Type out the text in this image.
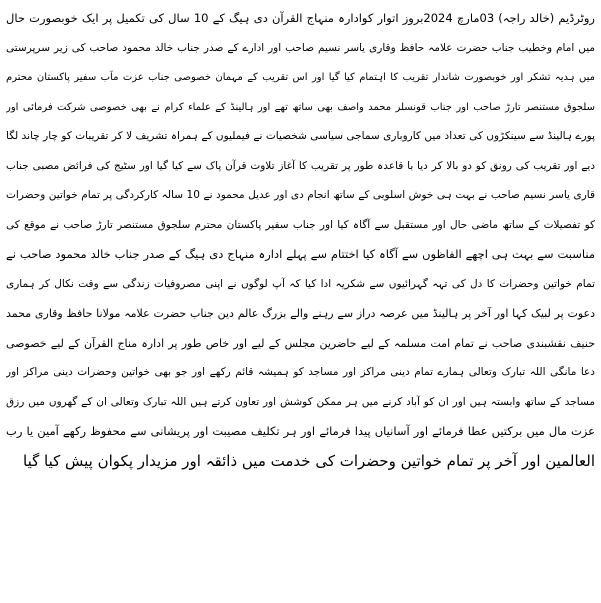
روٹرڈیم (خالد راجہ) 03مارچ 2024بروز اتوار کوادارہ منہاج القرآن دی ہیگ کے 10 سال کی تکمیل پر ایک خوبصورت حال

میں امام وخطیب جناب حضرت علامہ حافظ وقاری یاسر نسیم صاحب اور ادارے کے صدر جناب خالد محمود صاحب کی زیر سرپرستی

میں ہدیہ تشکر اور خوبصورت شاندار تقریب کا اہتمام کیا گیا اور اس تقریب کے مہمان خصوصی جناب عزت مآب سفیر پاکستان محترم

سلجوق مستنصر تارڑ صاحب اور جناب قونسلر محمد واصف بھی ساتھ تھے اور ہالینڈ کے علماء کرام نے بھی خصوصی شرکت فرمائی اور

پورے ہالینڈ سے سینکڑوں کی تعداد میں کاروباری سماجی سیاسی شخصیات نے فیملیوں کے ہمراہ تشریف لا کر تقریبات کو چار چاند لگا

دیے اور تقریب کی رونق کو دو بالا کر دیا با قاعدہ طور پر تقریب کا آغاز تلاوت قرآن پاک سے کیا گیا اور سٹیج کی فرائض مصبی جناب

قاری یاسر نسیم صاحب نے بہت ہی خوش اسلوبی کے ساتھ انجام دی اور عدیل محمود نے 10 سالہ کارکردگی پر تمام خواتین وحضرات

کو تفصیلات کے ساتھ ماضی حال اور مستقبل سے آگاہ کیا اور جناب سفیر پاکستان محترم سلجوق مستنصر تارڑ صاحب نے موقع کی

مناسبت سے بہت ہی اچھے الفاظوں سے آگاہ کیا اختتام سے پہلے ادارہ منہاج دی ہیگ کے صدر جناب خالد محمود صاحب نے

تمام خواتین وحضرات کا دل کی تہہ گہرائیوں سے شکریہ ادا کیا کہ آپ لوگوں نے اپنی مصروفیات زندگی سے وقت نکال کر ہماری

دعوت پر لبیک کہا اور آخر پر ہالینڈ میں عرصہ دراز سے رہنے والے بزرگ عالم دین جناب حضرت علامہ مولانا حافظ وقاری محمد

حنیف نقشبندی صاحب نے تمام امت مسلمہ کے لیے حاضرین مجلس کے لیے اور خاص طور پر ادارہ مناج القرآن کے لیے خصوصی

دعا مانگی اللہ تبارک وتعالی ہمارے تمام دینی مراکز اور مساجد کو ہمیشہ قائم رکھے اور جو بھی خواتین وحضرات دینی مراکز اور

مساجد کے ساتھ وابستہ ہیں اور ان کو آباد کرنے میں ہر ممکن کوشش اور تعاون کرتے ہیں اللہ تبارک وتعالی ان کے گھروں میں رزق

عزت مال میں برکتیں عطا فرمائے اور آسانیاں پیدا فرمائے اور ہر تکلیف مصیبت اور پریشانی سے محفوظ رکھے آمین یا رب

العالمین اور آخر پر تمام خواتین وحضرات کی خدمت میں ذائقہ اور مزیدار پکوان پیش کیا گیا
